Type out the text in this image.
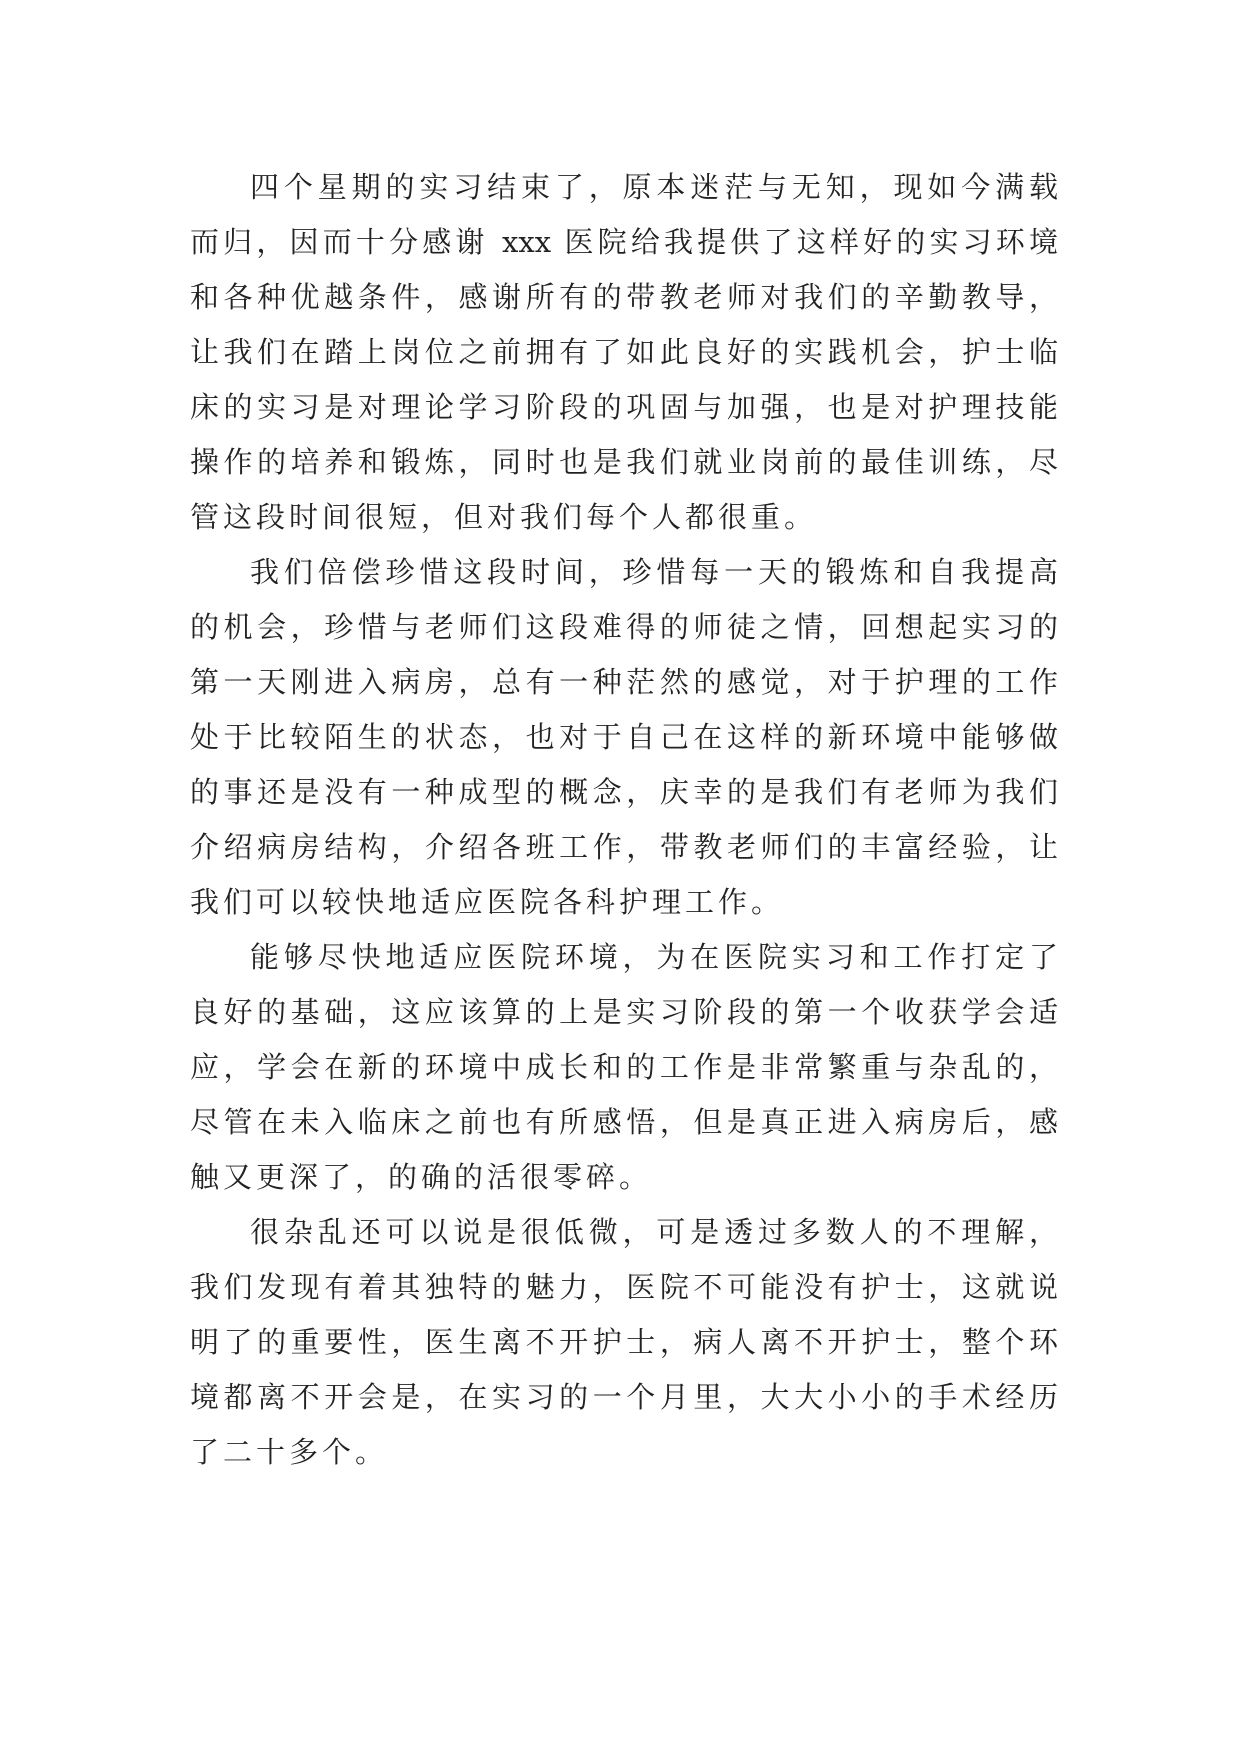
四个星期的实习结束了，原本迷茫与无知，现如今满载
而归，因而十分感谢 xxx 医院给我提供了这样好的实习环境
和各种优越条件，感谢所有的带教老师对我们的辛勤教导，
让我们在踏上岗位之前拥有了如此良好的实践机会，护士临
床的实习是对理论学习阶段的巩固与加强，也是对护理技能
操作的培养和锻炼，同时也是我们就业岗前的最佳训练，尽
管这段时间很短，但对我们每个人都很重。
我们倍偿珍惜这段时间，珍惜每一天的锻炼和自我提高
的机会，珍惜与老师们这段难得的师徒之情，回想起实习的
第一天刚进入病房，总有一种茫然的感觉，对于护理的工作
处于比较陌生的状态，也对于自己在这样的新环境中能够做
的事还是没有一种成型的概念，庆幸的是我们有老师为我们
介绍病房结构，介绍各班工作，带教老师们的丰富经验，让
我们可以较快地适应医院各科护理工作。
能够尽快地适应医院环境，为在医院实习和工作打定了
良好的基础，这应该算的上是实习阶段的第一个收获学会适
应，学会在新的环境中成长和的工作是非常繁重与杂乱的，
尽管在未入临床之前也有所感悟，但是真正进入病房后，感
触又更深了，的确的活很零碎。
很杂乱还可以说是很低微，可是透过多数人的不理解，
我们发现有着其独特的魅力，医院不可能没有护士，这就说
明了的重要性，医生离不开护士，病人离不开护士，整个环
境都离不开会是，在实习的一个月里，大大小小的手术经历
了二十多个。
